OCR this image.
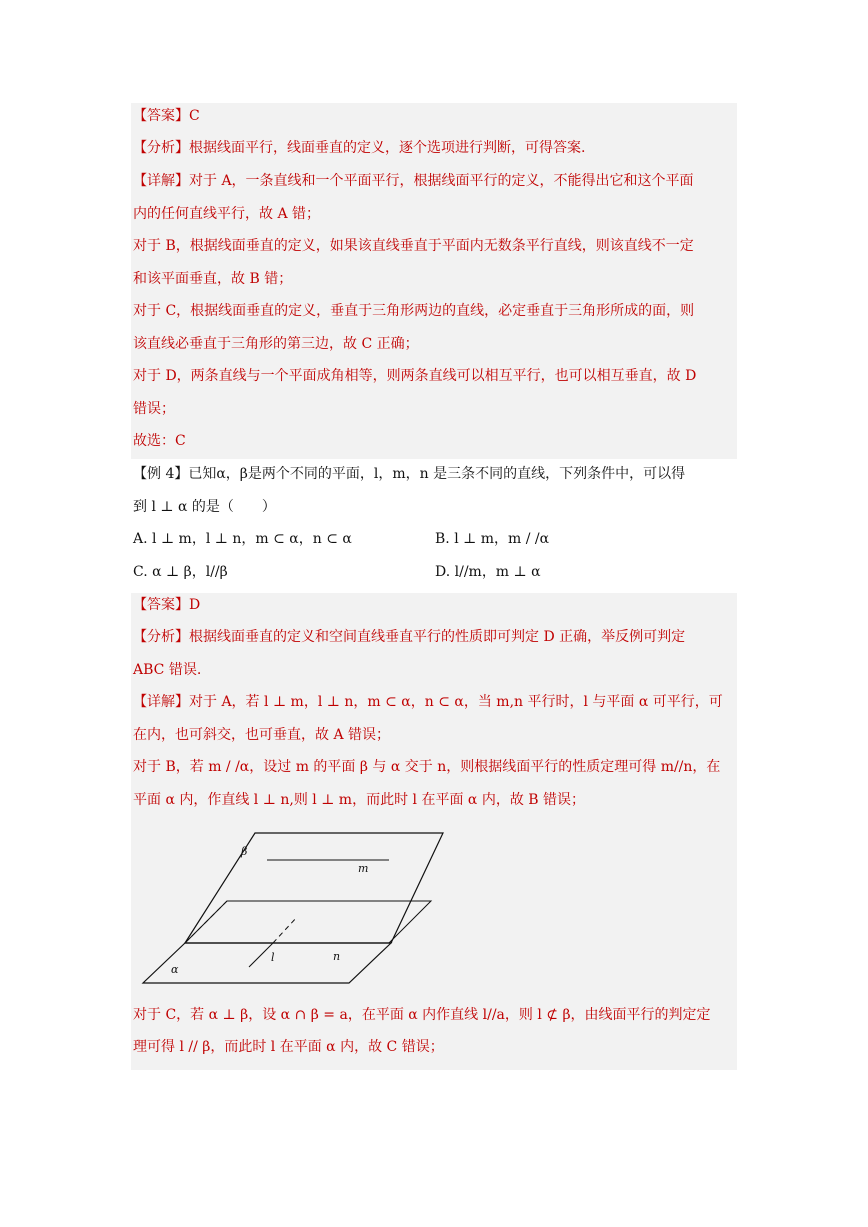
【答案】C
【分析】根据线面平行，线面垂直的定义，逐个选项进行判断，可得答案.
【详解】对于 A，一条直线和一个平面平行，根据线面平行的定义，不能得出它和这个平面
内的任何直线平行，故 A 错；
对于 B，根据线面垂直的定义，如果该直线垂直于平面内无数条平行直线，则该直线不一定
和该平面垂直，故 B 错；
对于 C，根据线面垂直的定义，垂直于三角形两边的直线，必定垂直于三角形所成的面，则
该直线必垂直于三角形的第三边，故 C 正确；
对于 D，两条直线与一个平面成角相等，则两条直线可以相互平行，也可以相互垂直，故 D
错误；
故选：C
【例 4】已知α，β是两个不同的平面，l，m，n 是三条不同的直线，下列条件中，可以得
到 l ⊥ α 的是（　　）
A. l ⊥ m，l ⊥ n，m ⊂ α，n ⊂ α	B. l ⊥ m，m / /α
C. α ⊥ β，l//β	D. l//m，m ⊥ α
【答案】D
【分析】根据线面垂直的定义和空间直线垂直平行的性质即可判定 D 正确，举反例可判定
ABC 错误.
【详解】对于 A，若 l ⊥ m，l ⊥ n，m ⊂ α，n ⊂ α，当 m,n 平行时，l 与平面 α 可平行，可
在内，也可斜交，也可垂直，故 A 错误；
对于 B，若 m / /α，设过 m 的平面 β 与 α 交于 n，则根据线面平行的性质定理可得 m//n，在
平面 α 内，作直线 l ⊥ n,则 l ⊥ m，而此时 l 在平面 α 内，故 B 错误；
β
m
l	n
α
对于 C，若 α ⊥ β，设 α ∩ β = a，在平面 α 内作直线 l//a，则 l ⊄ β，由线面平行的判定定
理可得 l // β，而此时 l 在平面 α 内，故 C 错误；
